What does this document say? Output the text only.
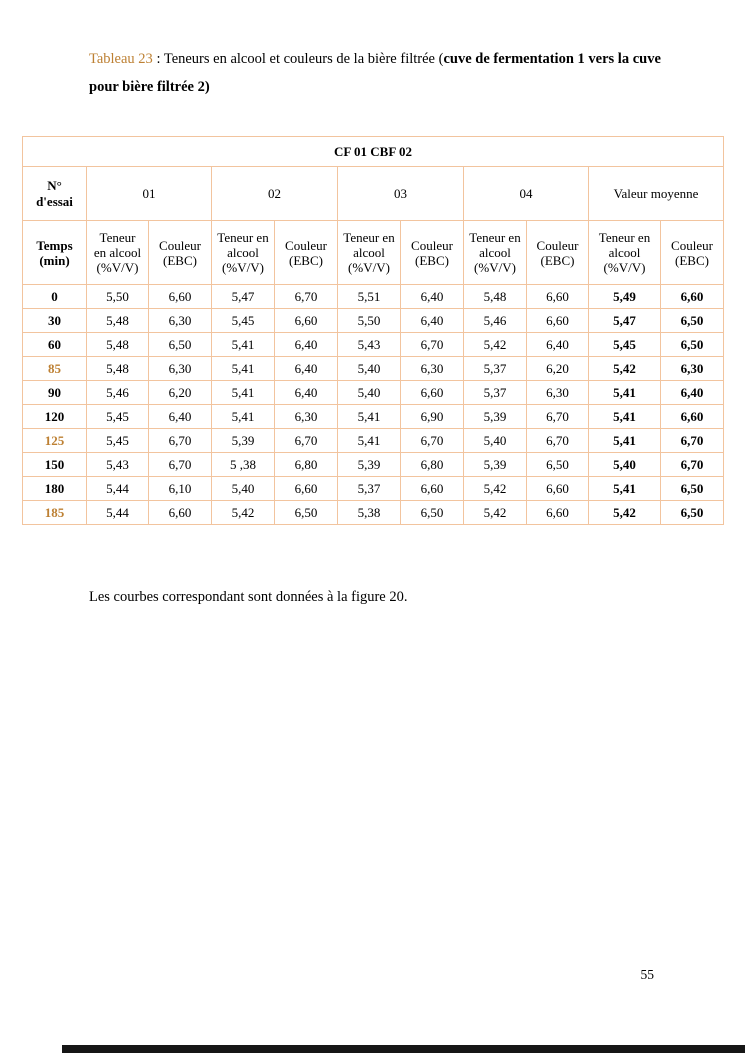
Tableau 23 : Teneurs en alcool et couleurs de la bière filtrée (cuve de fermentation 1 vers la cuve pour bière filtrée 2)

CF 01 CBF 02										
N° d'essai	01		02		03		04		Valeur moyenne	
Temps (min)	Teneur en alcool (%V/V)	Couleur (EBC)	Teneur en alcool (%V/V)	Couleur (EBC)	Teneur en alcool (%V/V)	Couleur (EBC)	Teneur en alcool (%V/V)	Couleur (EBC)	Teneur en alcool (%V/V)	Couleur (EBC)
0	5,50	6,60	5,47	6,70	5,51	6,40	5,48	6,60	5,49	6,60
30	5,48	6,30	5,45	6,60	5,50	6,40	5,46	6,60	5,47	6,50
60	5,48	6,50	5,41	6,40	5,43	6,70	5,42	6,40	5,45	6,50
85	5,48	6,30	5,41	6,40	5,40	6,30	5,37	6,20	5,42	6,30
90	5,46	6,20	5,41	6,40	5,40	6,60	5,37	6,30	5,41	6,40
120	5,45	6,40	5,41	6,30	5,41	6,90	5,39	6,70	5,41	6,60
125	5,45	6,70	5,39	6,70	5,41	6,70	5,40	6,70	5,41	6,70
150	5,43	6,70	5 ,38	6,80	5,39	6,80	5,39	6,50	5,40	6,70
180	5,44	6,10	5,40	6,60	5,37	6,60	5,42	6,60	5,41	6,50
185	5,44	6,60	5,42	6,50	5,38	6,50	5,42	6,60	5,42	6,50

Les courbes correspondant sont données à la figure 20.

55
